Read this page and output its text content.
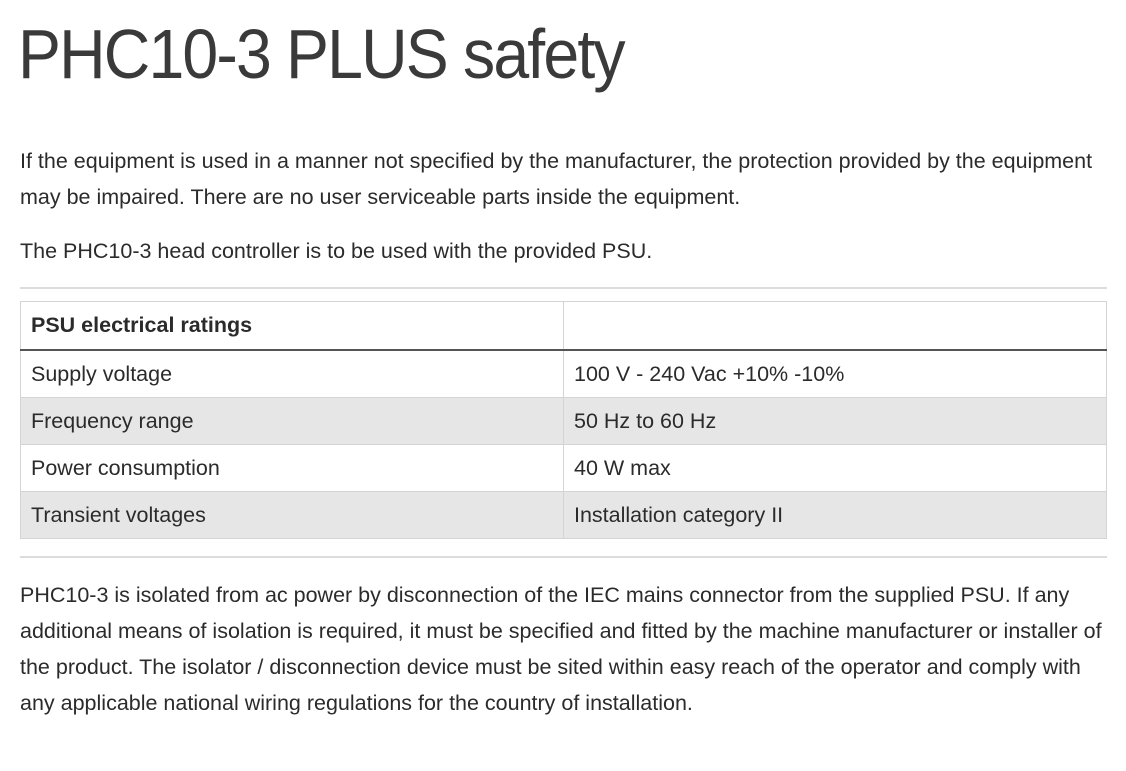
PHC10-3 PLUS safety

If the equipment is used in a manner not specified by the manufacturer, the protection provided by the equipment may be impaired. There are no user serviceable parts inside the equipment.

The PHC10-3 head controller is to be used with the provided PSU.

PSU electrical ratings	
Supply voltage	100 V - 240 Vac +10% -10%
Frequency range	50 Hz to 60 Hz
Power consumption	40 W max
Transient voltages	Installation category II

PHC10-3 is isolated from ac power by disconnection of the IEC mains connector from the supplied PSU. If any additional means of isolation is required, it must be specified and fitted by the machine manufacturer or installer of the product. The isolator / disconnection device must be sited within easy reach of the operator and comply with any applicable national wiring regulations for the country of installation.
